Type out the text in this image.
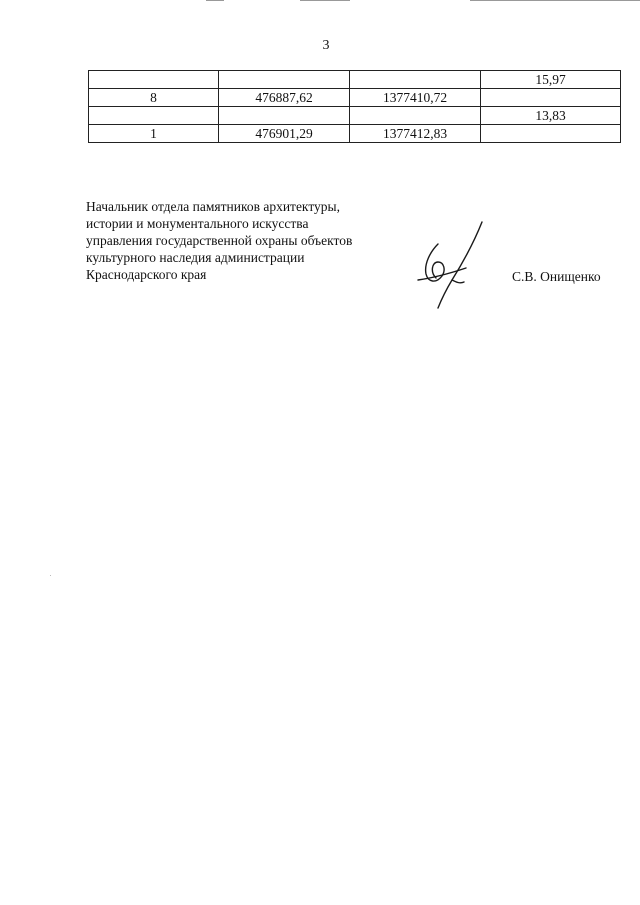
3
			15,97
8	476887,62	1377410,72	
			13,83
1	476901,29	1377412,83	
Начальник отдела памятников архитектуры,
истории и монументального искусства
управления государственной охраны объектов
культурного наследия администрации
Краснодарского края	С.В. Онищенко
